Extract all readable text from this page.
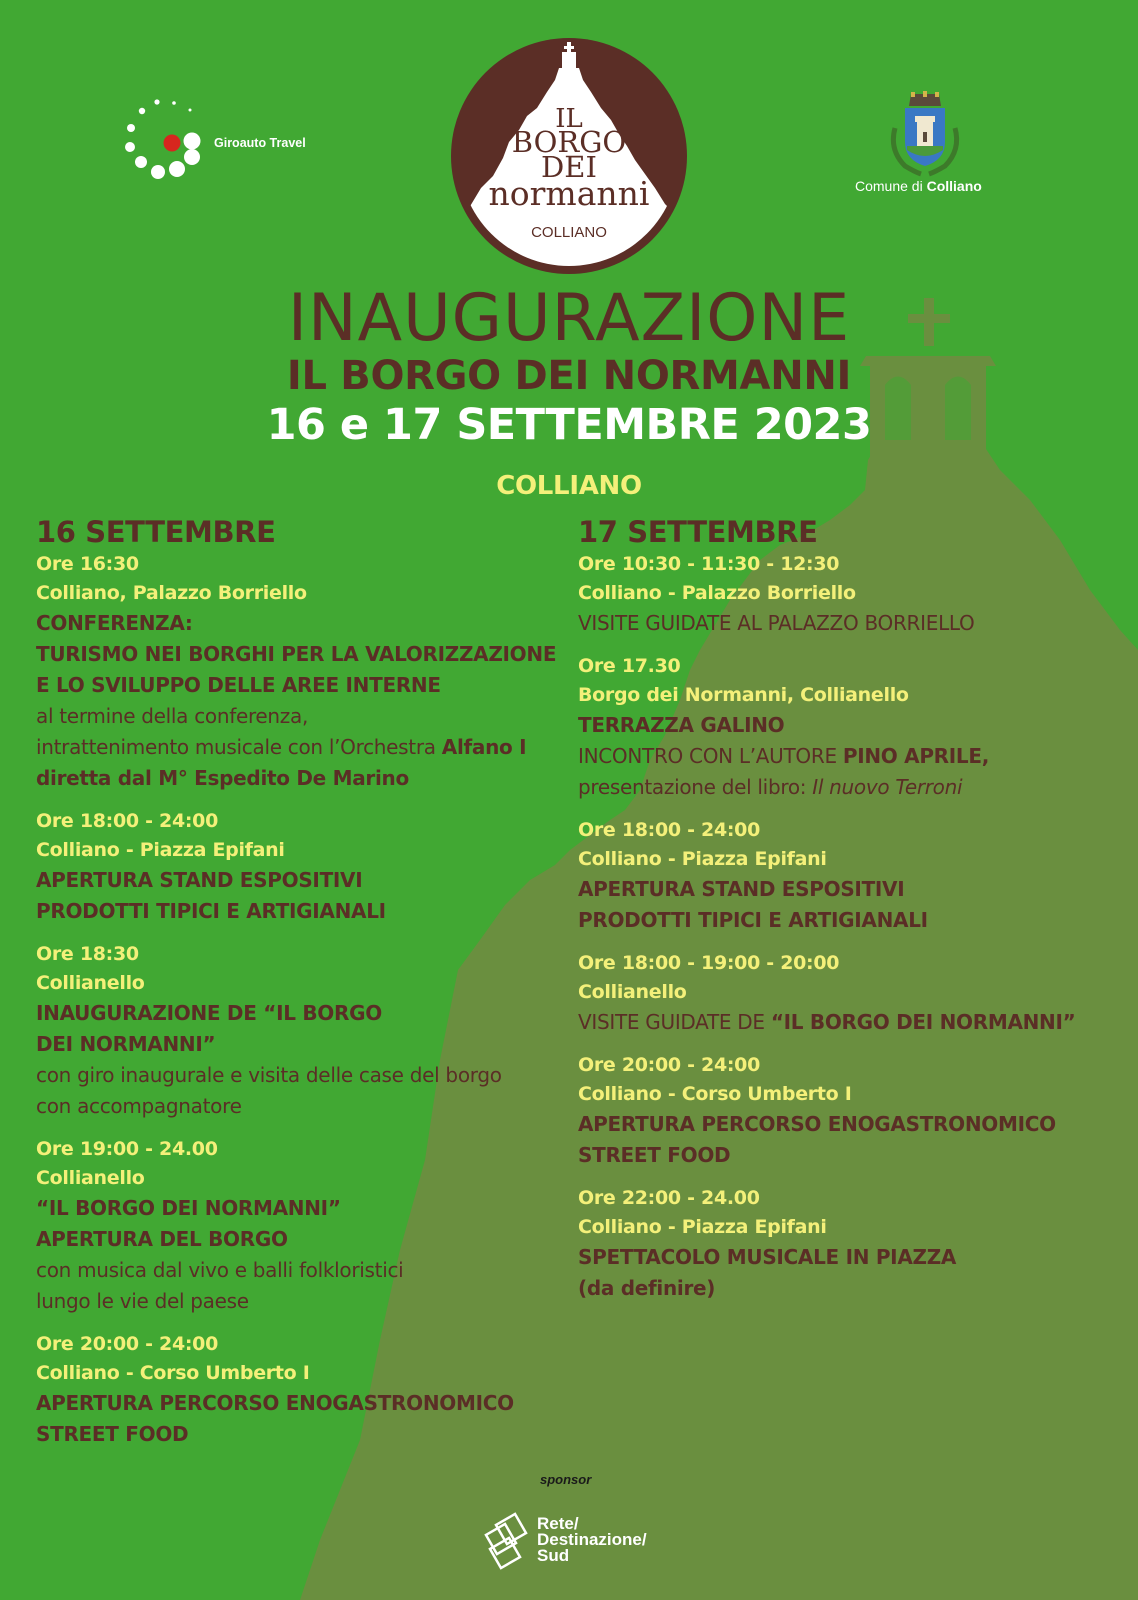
Giroauto Travel
IL
BORGO
DEI
normanni
COLLIANO
Comune di Colliano
INAUGURAZIONE
IL BORGO DEI NORMANNI
16 e 17 SETTEMBRE 2023
COLLIANO
16 SETTEMBRE
Ore 16:30
Colliano, Palazzo Borriello
CONFERENZA:
TURISMO NEI BORGHI PER LA VALORIZZAZIONE
E LO SVILUPPO DELLE AREE INTERNE
al termine della conferenza,
intrattenimento musicale con l’Orchestra Alfano I
diretta dal M° Espedito De Marino
Ore 18:00 - 24:00
Colliano - Piazza Epifani
APERTURA STAND ESPOSITIVI
PRODOTTI TIPICI E ARTIGIANALI
Ore 18:30
Collianello
INAUGURAZIONE DE “IL BORGO
DEI NORMANNI”
con giro inaugurale e visita delle case del borgo
con accompagnatore
Ore 19:00 - 24.00
Collianello
“IL BORGO DEI NORMANNI”
APERTURA DEL BORGO
con musica dal vivo e balli folkloristici
lungo le vie del paese
Ore 20:00 - 24:00
Colliano - Corso Umberto I
APERTURA PERCORSO ENOGASTRONOMICO
STREET FOOD
17 SETTEMBRE
Ore 10:30 - 11:30 - 12:30
Colliano - Palazzo Borriello
VISITE GUIDATE AL PALAZZO BORRIELLO
Ore 17.30
Borgo dei Normanni, Collianello
TERRAZZA GALINO
INCONTRO CON L’AUTORE PINO APRILE,
presentazione del libro: Il nuovo Terroni
Ore 18:00 - 24:00
Colliano - Piazza Epifani
APERTURA STAND ESPOSITIVI
PRODOTTI TIPICI E ARTIGIANALI
Ore 18:00 - 19:00 - 20:00
Collianello
VISITE GUIDATE DE “IL BORGO DEI NORMANNI”
Ore 20:00 - 24:00
Colliano - Corso Umberto I
APERTURA PERCORSO ENOGASTRONOMICO
STREET FOOD
Ore 22:00 - 24.00
Colliano - Piazza Epifani
SPETTACOLO MUSICALE IN PIAZZA
(da definire)
sponsor
Rete/
Destinazione/
Sud
